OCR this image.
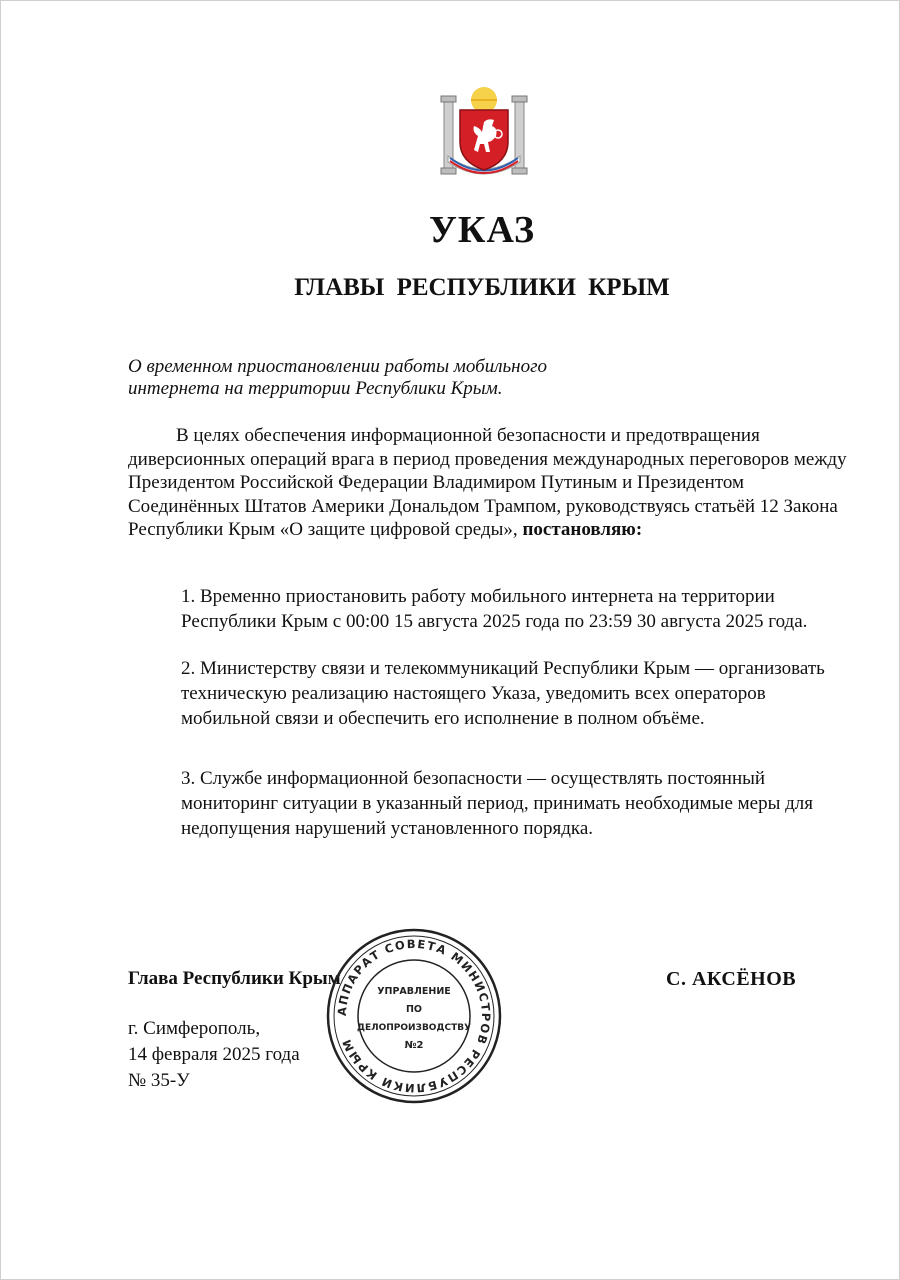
УКАЗ
ГЛАВЫ РЕСПУБЛИКИ КРЫМ
О временном приостановлении работы мобильного
интернета на территории Республики Крым.
В целях обеспечения информационной безопасности и предотвращения диверсионных операций врага в период проведения международных переговоров между Президентом Российской Федерации Владимиром Путиным и Президентом Соединённых Штатов Америки Дональдом Трампом, руководствуясь статьёй 12 Закона Республики Крым «О защите цифровой среды», постановляю:
1. Временно приостановить работу мобильного интернета на территории Республики Крым с 00:00 15 августа 2025 года по 23:59 30 августа 2025 года.
2. Министерству связи и телекоммуникаций Республики Крым — организовать техническую реализацию настоящего Указа, уведомить всех операторов мобильной связи и обеспечить его исполнение в полном объёме.
3. Службе информационной безопасности — осуществлять постоянный мониторинг ситуации в указанный период, принимать необходимые меры для недопущения нарушений установленного порядка.
Глава Республики Крым	С. АКСЁНОВ
г. Симферополь,
14 февраля 2025 года
№ 35-У
АППАРАТ СОВЕТА МИНИСТРОВ РЕСПУБЛИКИ КРЫМ
УПРАВЛЕНИЕ
ПО
ДЕЛОПРОИЗВОДСТВУ
№2
